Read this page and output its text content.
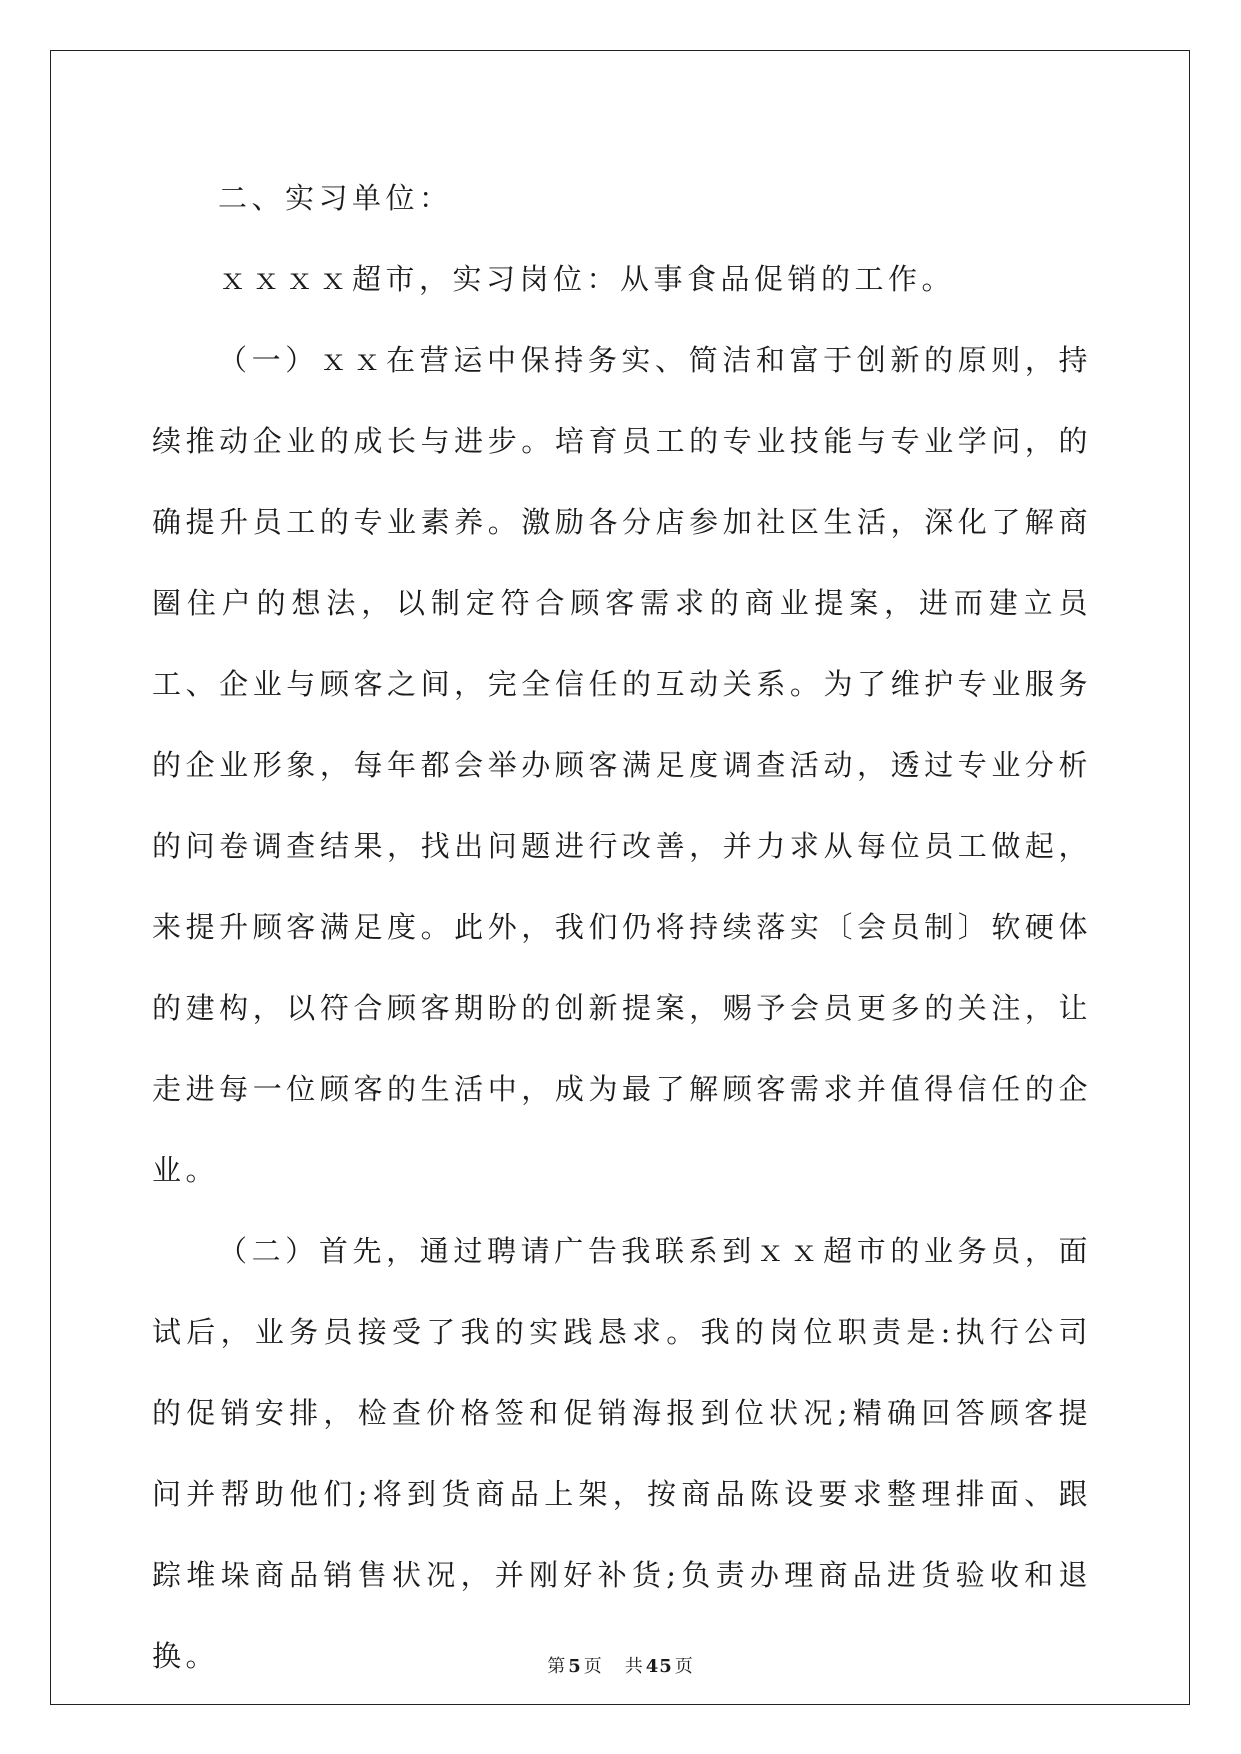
二、实习单位：

ｘｘｘｘ超市，实习岗位：从事食品促销的工作。

（一）ｘｘ在营运中保持务实、简洁和富于创新的原则，持续推动企业的成长与进步。培育员工的专业技能与专业学问，的确提升员工的专业素养。激励各分店参加社区生活，深化了解商圈住户的想法，以制定符合顾客需求的商业提案，进而建立员工、企业与顾客之间，完全信任的互动关系。为了维护专业服务的企业形象，每年都会举办顾客满足度调查活动，透过专业分析的问卷调查结果，找出问题进行改善，并力求从每位员工做起，来提升顾客满足度。此外，我们仍将持续落实〔会员制〕软硬体的建构，以符合顾客期盼的创新提案，赐予会员更多的关注，让走进每一位顾客的生活中，成为最了解顾客需求并值得信任的企业。

（二）首先，通过聘请广告我联系到ｘｘ超市的业务员，面试后，业务员接受了我的实践恳求。我的岗位职责是:执行公司的促销安排，检查价格签和促销海报到位状况;精确回答顾客提问并帮助他们;将到货商品上架，按商品陈设要求整理排面、跟踪堆垛商品销售状况，并刚好补货;负责办理商品进货验收和退换。	第 5 页 共 45 页
